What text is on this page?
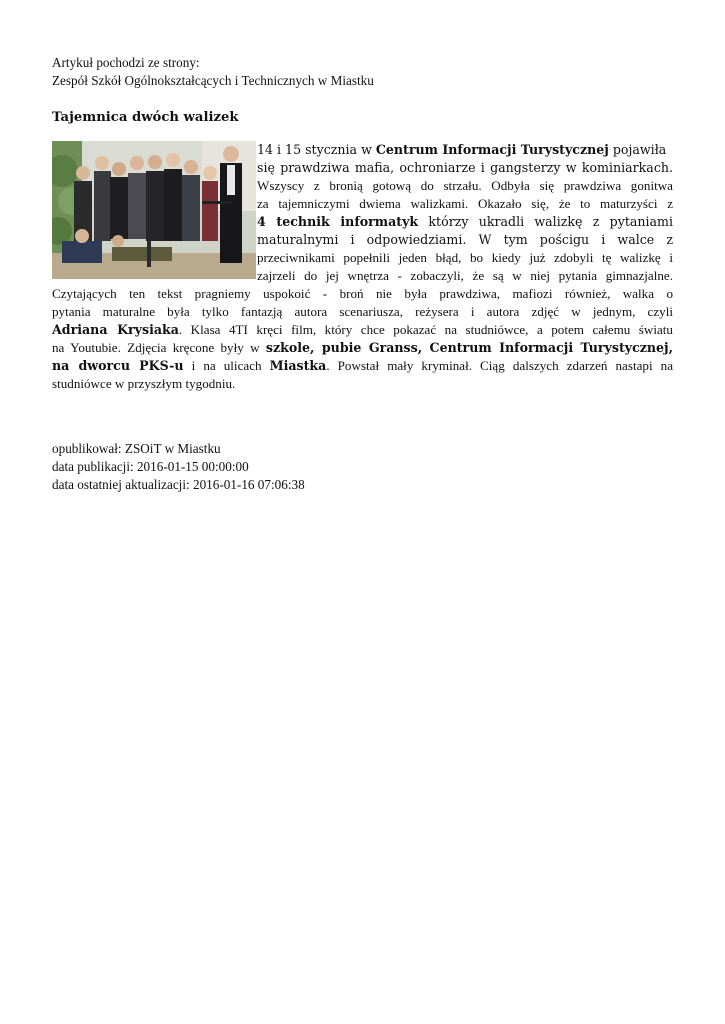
Artykuł pochodzi ze strony:
Zespół Szkół Ogólnokształcących i Technicznych w Miastku
Tajemnica dwóch walizek
14 i 15 stycznia w Centrum Informacji Turystycznej pojawiła
się prawdziwa mafia, ochroniarze i gangsterzy w kominiarkach.
Wszyscy z bronią gotową do strzału. Odbyła się prawdziwa gonitwa
za tajemniczymi dwiema walizkami. Okazało się, że to maturzyści z
4 technik informatyk którzy ukradli walizkę z pytaniami
maturalnymi i odpowiedziami. W tym pościgu i walce z
przeciwnikami popełnili jeden błąd, bo kiedy już zdobyli tę walizkę i
zajrzeli do jej wnętrza - zobaczyli, że są w niej pytania gimnazjalne.
Czytających ten tekst pragniemy uspokoić - broń nie była prawdziwa, mafiozi również, walka o
pytania maturalne była tylko fantazją autora scenariusza, reżysera i autora zdjęć w jednym, czyli
Adriana Krysiaka. Klasa 4TI kręci film, który chce pokazać na studniówce, a potem całemu światu
na Youtubie. Zdjęcia kręcone były w szkole, pubie Granss, Centrum Informacji Turystycznej,
na dworcu PKS-u i na ulicach Miastka. Powstał mały kryminał. Ciąg dalszych zdarzeń nastapi na
studniówce w przyszłym tygodniu.
opublikował: ZSOiT w Miastku
data publikacji: 2016-01-15 00:00:00
data ostatniej aktualizacji: 2016-01-16 07:06:38
